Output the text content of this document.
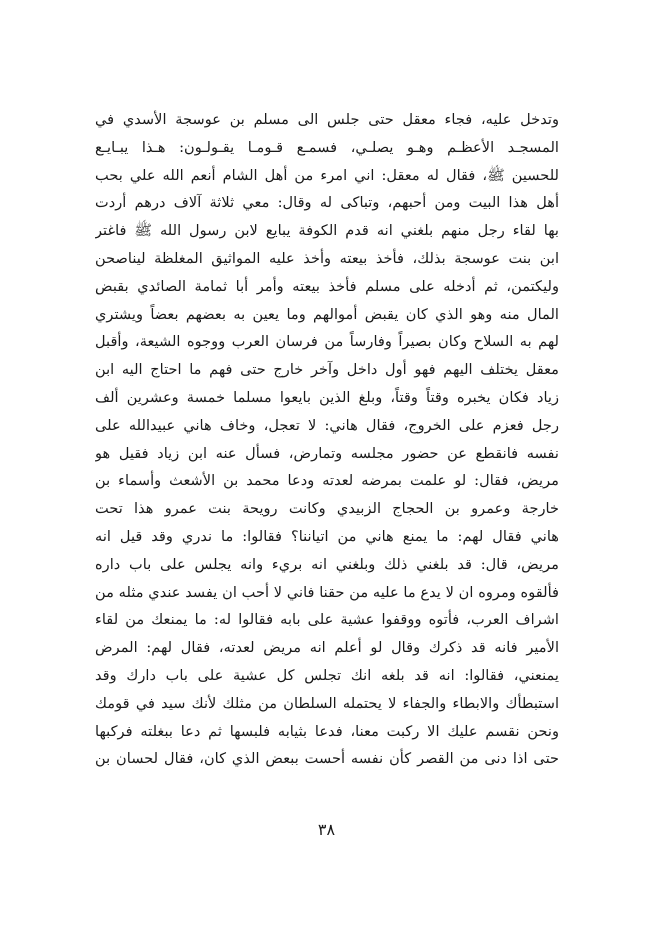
وتدخل عليه، فجاء معقل حتى جلس الى مسلم بن عوسجة الأسدي في
المسجـد الأعظـم وهـو يصلـي، فسمـع قـومـا يقـولـون: هـذا يبـايـع
للحسين ﷺ، فقال له معقل: اني امرء من أهل الشام أنعم الله علي بحب
أهل هذا البيت ومن أحبهم، وتباكى له وقال: معي ثلاثة آلاف درهم أردت
بها لقاء رجل منهم بلغني انه قدم الكوفة يبايع لابن رسول الله ﷺ فاغتر
ابن بنت عوسجة بذلك، فأخذ بيعته وأخذ عليه المواثيق المغلظة ليناصحن
وليكتمن، ثم أدخله على مسلم فأخذ بيعته وأمر أبا ثمامة الصائدي بقبض
المال منه وهو الذي كان يقبض أموالهم وما يعين به بعضهم بعضاً ويشتري
لهم به السلاح وكان بصيراً وفارساً من فرسان العرب ووجوه الشيعة، وأقبل
معقل يختلف اليهم فهو أول داخل وآخر خارج حتى فهم ما احتاج اليه ابن
زياد فكان يخبره وقتاً وقتاً، وبلغ الذين بايعوا مسلما خمسة وعشرين ألف
رجل فعزم على الخروج، فقال هاني: لا تعجل، وخاف هاني عبيدالله على
نفسه فانقطع عن حضور مجلسه وتمارض، فسأل عنه ابن زياد فقيل هو
مريض، فقال: لو علمت بمرضه لعدته ودعا محمد بن الأشعث وأسماء بن
خارجة وعمرو بن الحجاج الزبيدي وكانت رويحة بنت عمرو هذا تحت
هاني فقال لهم: ما يمنع هاني من اتياننا؟ فقالوا: ما ندري وقد قيل انه
مريض، قال: قد بلغني ذلك وبلغني انه بريء وانه يجلس على باب داره
فألقوه ومروه ان لا يدع ما عليه من حقنا فاني لا أحب ان يفسد عندي مثله من
اشراف العرب، فأتوه ووقفوا عشية على بابه فقالوا له: ما يمنعك من لقاء
الأمير فانه قد ذكرك وقال لو أعلم انه مريض لعدته، فقال لهم: المرض
يمنعني، فقالوا: انه قد بلغه انك تجلس كل عشية على باب دارك وقد
استبطأك والابطاء والجفاء لا يحتمله السلطان من مثلك لأنك سيد في قومك
ونحن نقسم عليك الا ركبت معنا، فدعا بثيابه فلبسها ثم دعا ببغلته فركبها
حتى اذا دنى من القصر كأن نفسه أحست ببعض الذي كان، فقال لحسان بن
٣٨
